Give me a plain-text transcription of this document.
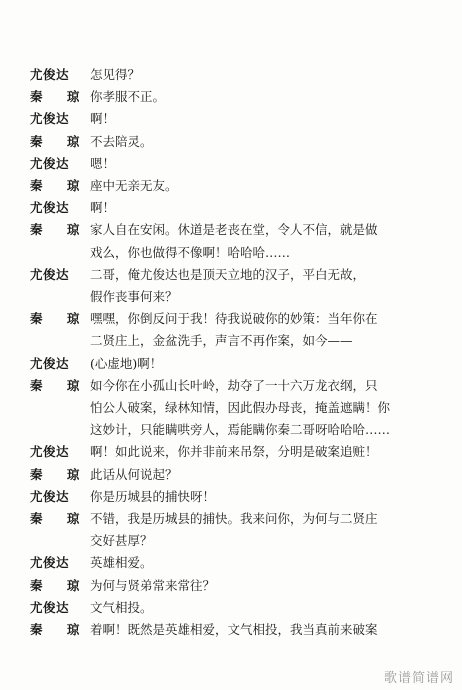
尤俊达	怎见得？
秦 琼 你孝服不正。
尤俊达	啊！
秦 琼 不去陪灵。
尤俊达	嗯！
秦 琼 座中无亲无友。
尤俊达	啊！
秦 琼 家人自在安闲。休道是老丧在堂，令人不信，就是做
戏么，你也做得不像啊！哈哈哈……
尤俊达	二哥，俺尤俊达也是顶天立地的汉子，平白无故，
假作丧事何来？
秦 琼 嘿嘿，你倒反问于我！待我说破你的妙策：当年你在
二贤庄上，金盆洗手，声言不再作案，如今——
尤俊达	(心虚地)啊！
秦 琼 如今你在小孤山长叶岭，劫夺了一十六万龙衣纲，只
怕公人破案，绿林知情，因此假办母丧，掩盖遮瞒！你
这妙计，只能瞒哄旁人，焉能瞒你秦二哥呀哈哈哈……
尤俊达	啊！如此说来，你并非前来吊祭，分明是破案追赃！
秦 琼 此话从何说起？
尤俊达	你是历城县的捕快呀！
秦 琼 不错，我是历城县的捕快。我来问你，为何与二贤庄
交好甚厚？
尤俊达	英雄相爱。
秦 琼 为何与贤弟常来常往？
尤俊达	文气相投。
秦 琼 着啊！既然是英雄相爱，文气相投，我当真前来破案
歌谱简谱网
